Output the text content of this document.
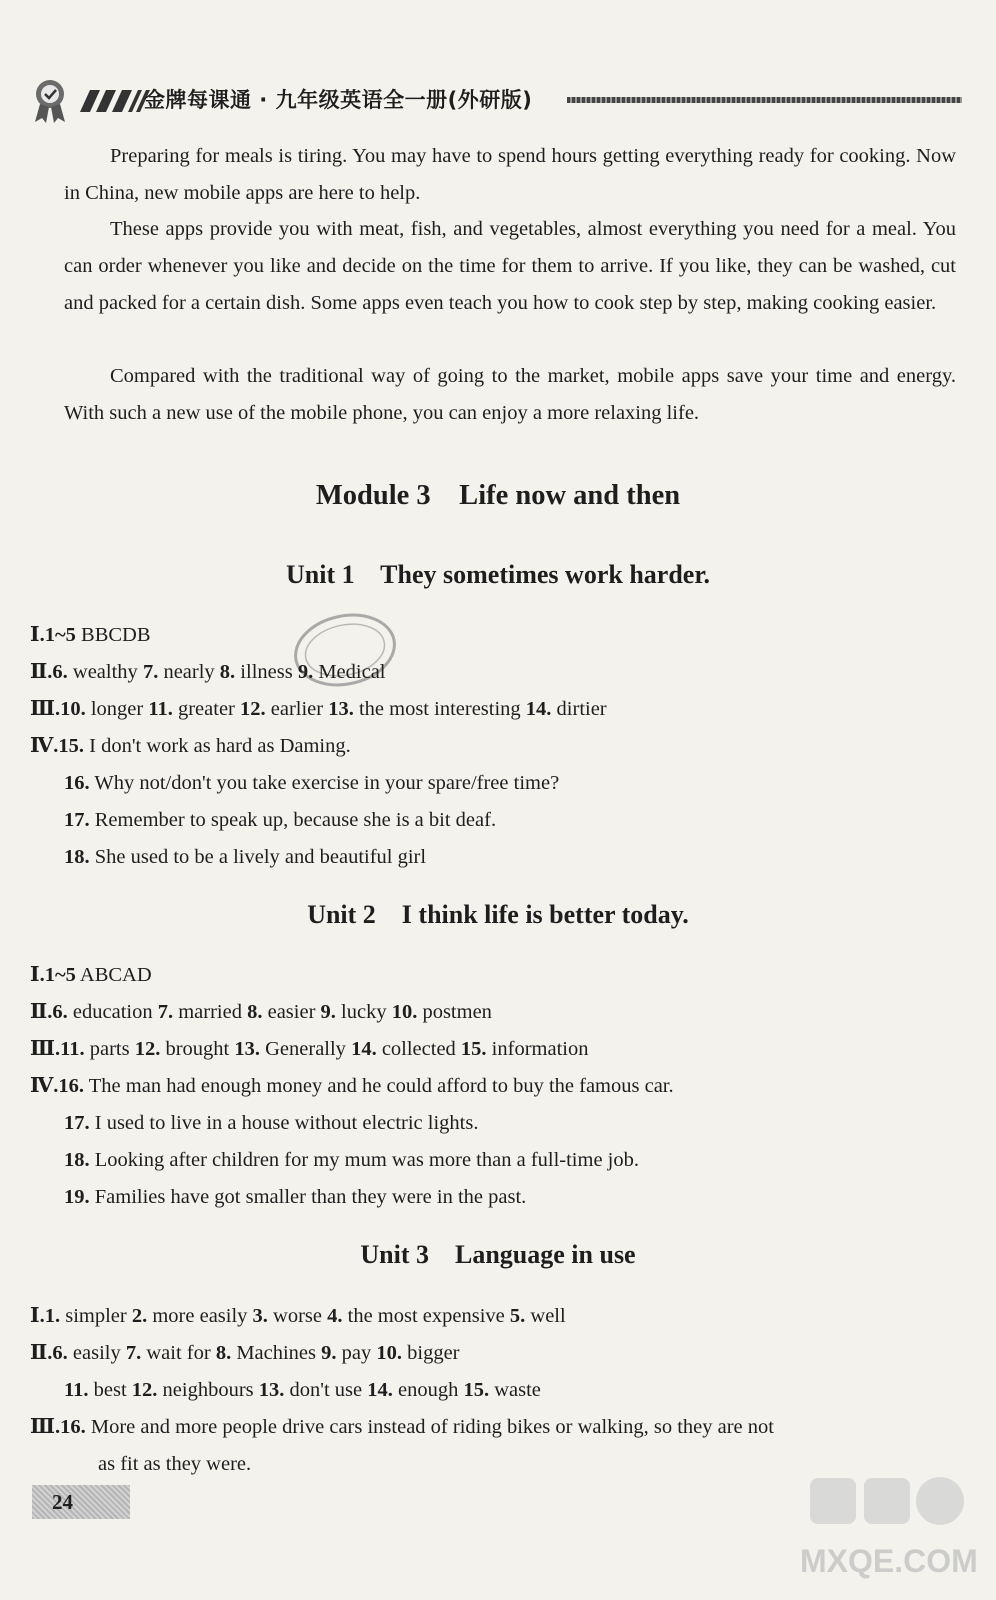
金牌每课通 · 九年级英语全一册(外研版)

Preparing for meals is tiring. You may have to spend hours getting everything ready for cooking. Now in China, new mobile apps are here to help.

These apps provide you with meat, fish, and vegetables, almost everything you need for a meal. You can order whenever you like and decide on the time for them to arrive. If you like, they can be washed, cut and packed for a certain dish. Some apps even teach you how to cook step by step, making cooking easier.

Compared with the traditional way of going to the market, mobile apps save your time and energy. With such a new use of the mobile phone, you can enjoy a more relaxing life.

Module 3    Life now and then
Unit 1    They sometimes work harder.
Ⅰ.1~5 BBCDB
Ⅱ.6. wealthy 7. nearly 8. illness 9. Medical
Ⅲ.10. longer 11. greater 12. earlier 13. the most interesting 14. dirtier
Ⅳ.15. I don't work as hard as Daming.
16. Why not/don't you take exercise in your spare/free time?
17. Remember to speak up, because she is a bit deaf.
18. She used to be a lively and beautiful girl
Unit 2    I think life is better today.
Ⅰ.1~5 ABCAD
Ⅱ.6. education 7. married 8. easier 9. lucky 10. postmen
Ⅲ.11. parts 12. brought 13. Generally 14. collected 15. information
Ⅳ.16. The man had enough money and he could afford to buy the famous car.
17. I used to live in a house without electric lights.
18. Looking after children for my mum was more than a full-time job.
19. Families have got smaller than they were in the past.
Unit 3    Language in use
Ⅰ.1. simpler 2. more easily 3. worse 4. the most expensive 5. well
Ⅱ.6. easily 7. wait for 8. Machines 9. pay 10. bigger
11. best 12. neighbours 13. don't use 14. enough 15. waste
Ⅲ.16. More and more people drive cars instead of riding bikes or walking, so they are not
as fit as they were.
24
MXQE.COM
